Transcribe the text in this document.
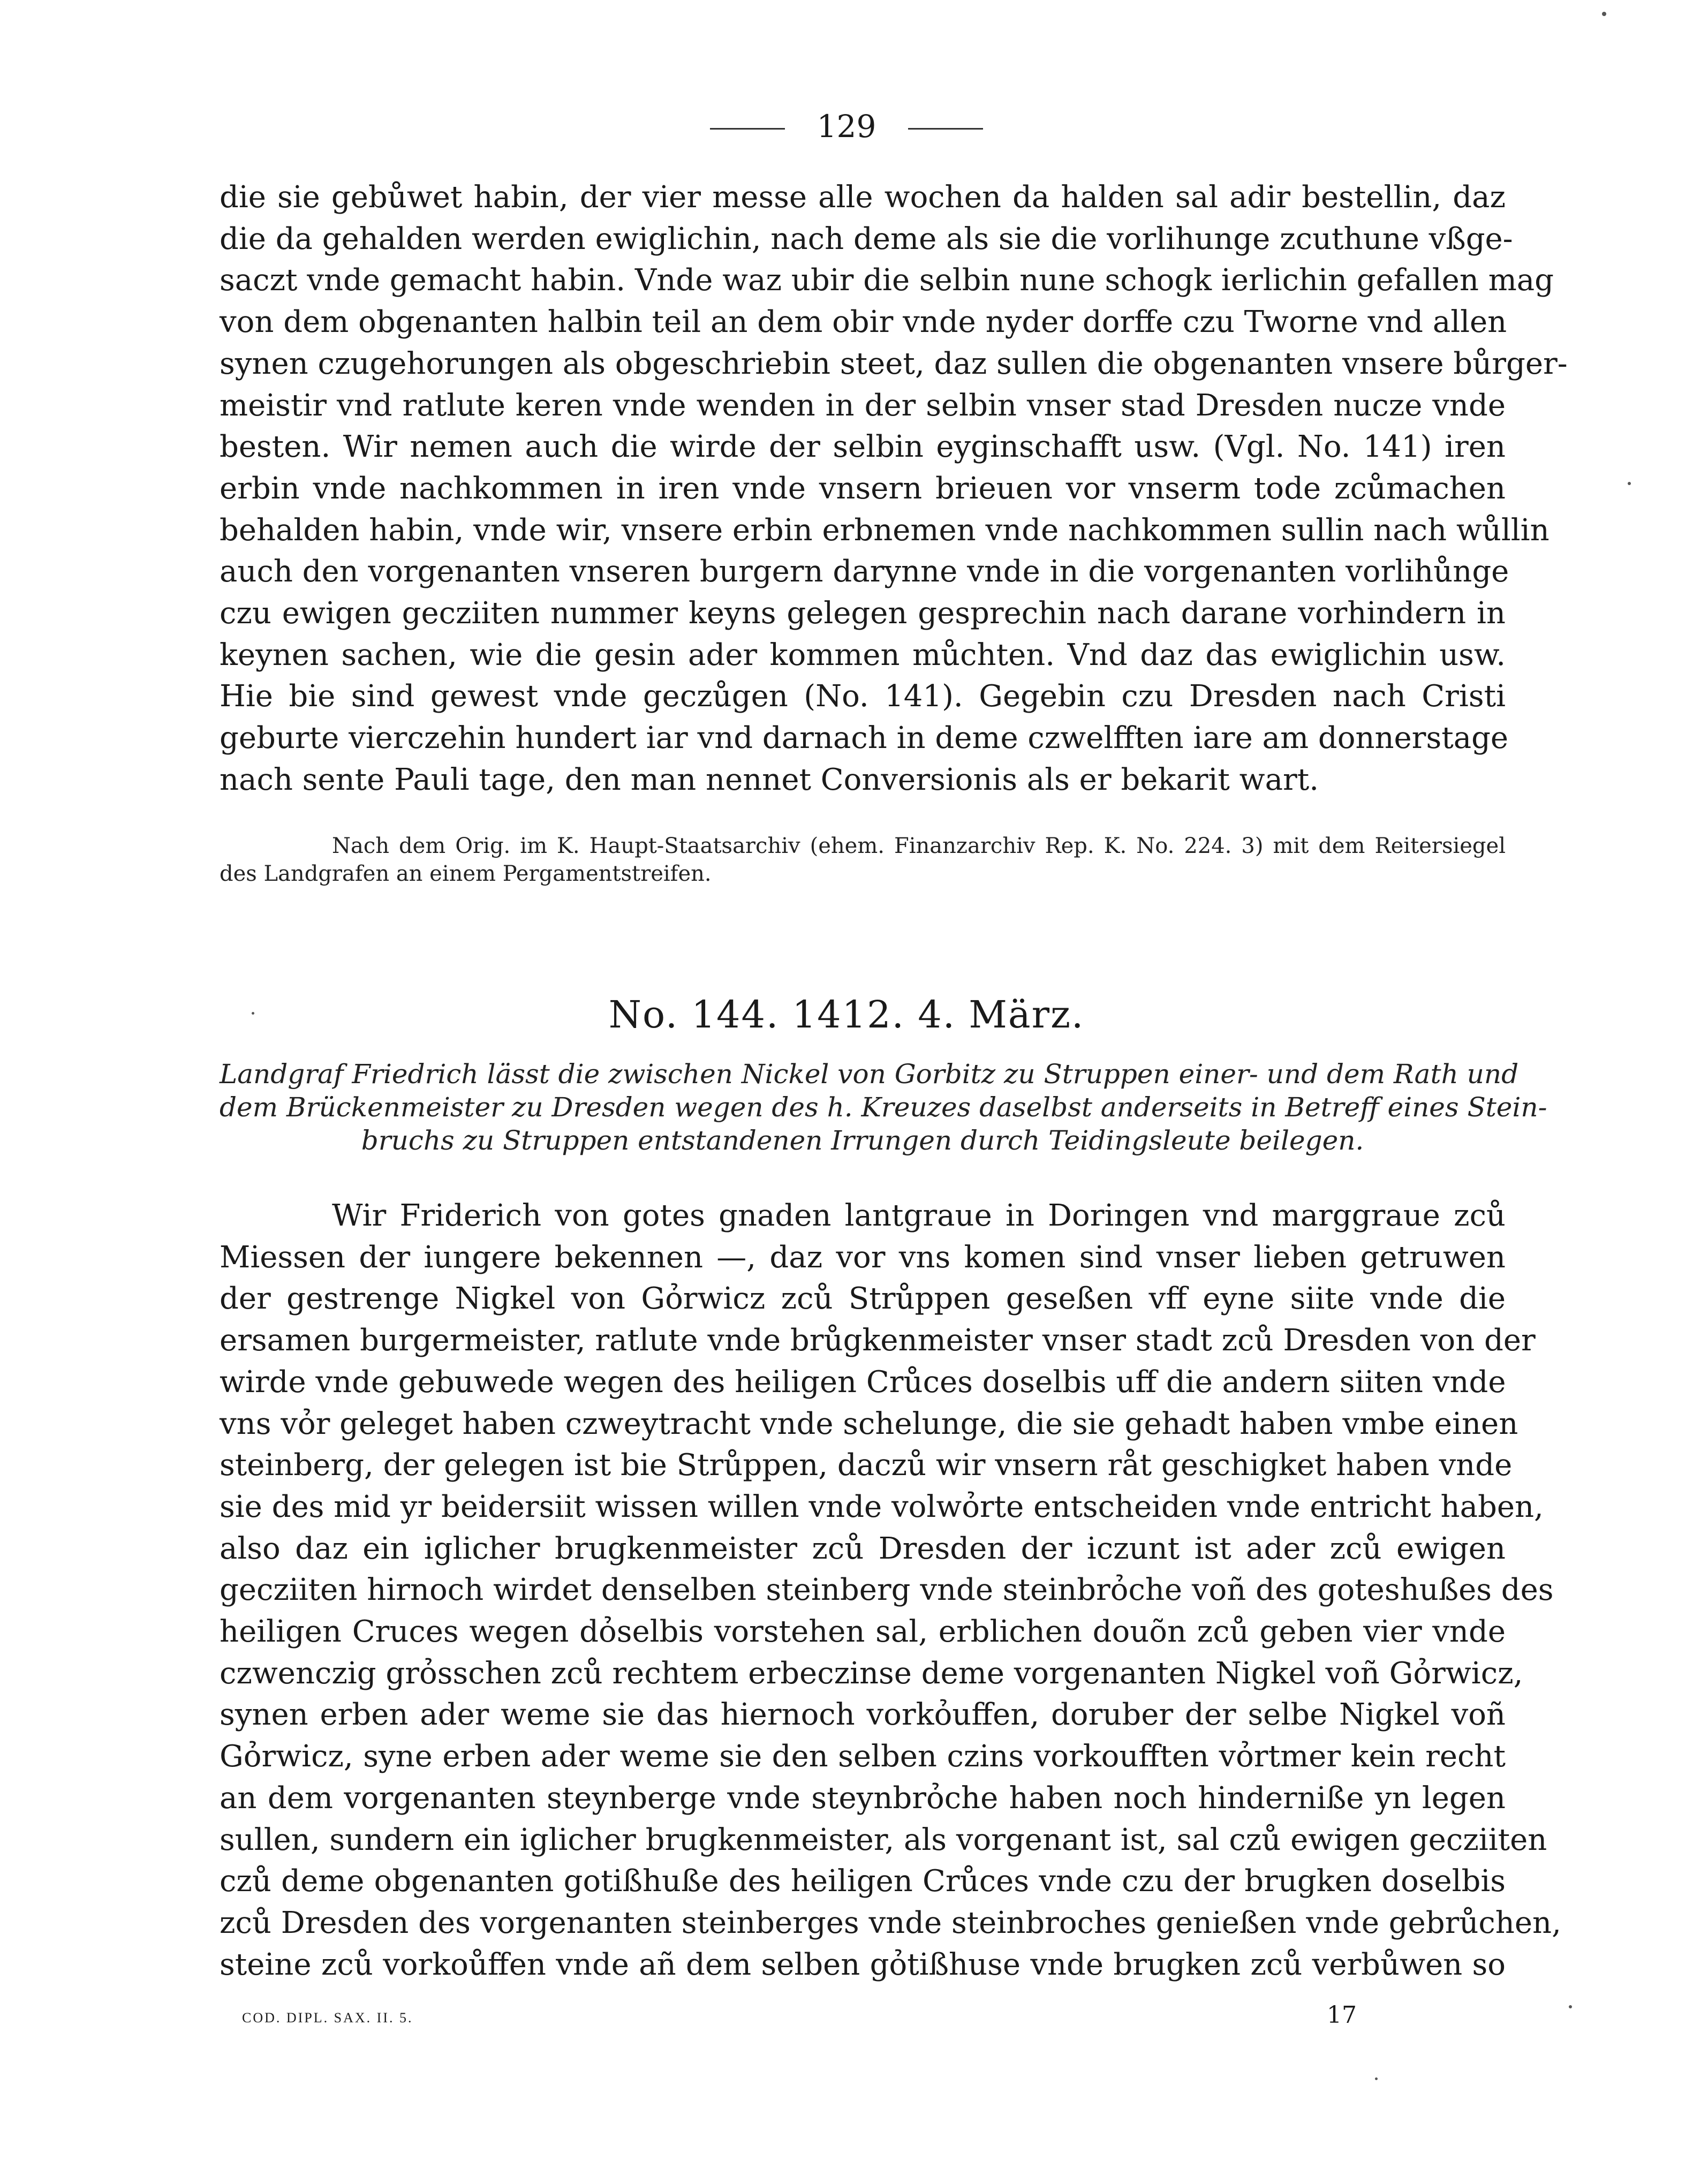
129
die sie gebůwet habin, der vier messe alle wochen da halden sal adir bestellin, daz
die da gehalden werden ewiglichin, nach deme als sie die vorlihunge zcuthune vßge-
saczt vnde gemacht habin. Vnde waz ubir die selbin nune schogk ierlichin gefallen mag
von dem obgenanten halbin teil an dem obir vnde nyder dorffe czu Tworne vnd allen
synen czugehorungen als obgeschriebin steet, daz sullen die obgenanten vnsere bůrger-
meistir vnd ratlute keren vnde wenden in der selbin vnser stad Dresden nucze vnde
besten. Wir nemen auch die wirde der selbin eyginschafft usw. (Vgl. No. 141) iren
erbin vnde nachkommen in iren vnde vnsern brieuen vor vnserm tode zcůmachen
behalden habin, vnde wir, vnsere erbin erbnemen vnde nachkommen sullin nach wůllin
auch den vorgenanten vnseren burgern darynne vnde in die vorgenanten vorlihůnge
czu ewigen gecziiten nummer keyns gelegen gesprechin nach darane vorhindern in
keynen sachen, wie die gesin ader kommen můchten. Vnd daz das ewiglichin usw.
Hie bie sind gewest vnde geczůgen (No. 141). Gegebin czu Dresden nach Cristi
geburte vierczehin hundert iar vnd darnach in deme czwelfften iare am donnerstage
nach sente Pauli tage, den man nennet Conversionis als er bekarit wart.
Nach dem Orig. im K. Haupt-Staatsarchiv (ehem. Finanzarchiv Rep. K. No. 224. 3) mit dem Reitersiegel
des Landgrafen an einem Pergamentstreifen.
No. 144. 1412. 4. März.
Landgraf Friedrich lässt die zwischen Nickel von Gorbitz zu Struppen einer- und dem Rath und
dem Brückenmeister zu Dresden wegen des h. Kreuzes daselbst anderseits in Betreff eines Stein-
bruchs zu Struppen entstandenen Irrungen durch Teidingsleute beilegen.
Wir Friderich von gotes gnaden lantgraue in Doringen vnd marggraue zců
Miessen der iungere bekennen —, daz vor vns komen sind vnser lieben getruwen
der gestrenge Nigkel von Gỏrwicz zců Strůppen geseßen vff eyne siite vnde die
ersamen burgermeister, ratlute vnde brůgkenmeister vnser stadt zců Dresden von der
wirde vnde gebuwede wegen des heiligen Crůces doselbis uff die andern siiten vnde
vns vỏr geleget haben czweytracht vnde schelunge, die sie gehadt haben vmbe einen
steinberg, der gelegen ist bie Strůppen, daczů wir vnsern råt geschigket haben vnde
sie des mid yr beidersiit wissen willen vnde volwỏrte entscheiden vnde entricht haben,
also daz ein iglicher brugkenmeister zců Dresden der iczunt ist ader zců ewigen
gecziiten hirnoch wirdet denselben steinberg vnde steinbrỏche voñ des goteshußes des
heiligen Cruces wegen dỏselbis vorstehen sal, erblichen douõn zců geben vier vnde
czwenczig grỏsschen zců rechtem erbeczinse deme vorgenanten Nigkel voñ Gỏrwicz,
synen erben ader weme sie das hiernoch vorkỏuffen, doruber der selbe Nigkel voñ
Gỏrwicz, syne erben ader weme sie den selben czins vorkoufften vỏrtmer kein recht
an dem vorgenanten steynberge vnde steynbrỏche haben noch hinderniße yn legen
sullen, sundern ein iglicher brugkenmeister, als vorgenant ist, sal czů ewigen gecziiten
czů deme obgenanten gotißhuße des heiligen Crůces vnde czu der brugken doselbis
zců Dresden des vorgenanten steinberges vnde steinbroches genießen vnde gebrůchen,
steine zců vorkoůffen vnde añ dem selben gỏtißhuse vnde brugken zců verbůwen so
COD. DIPL. SAX. II. 5.	17
